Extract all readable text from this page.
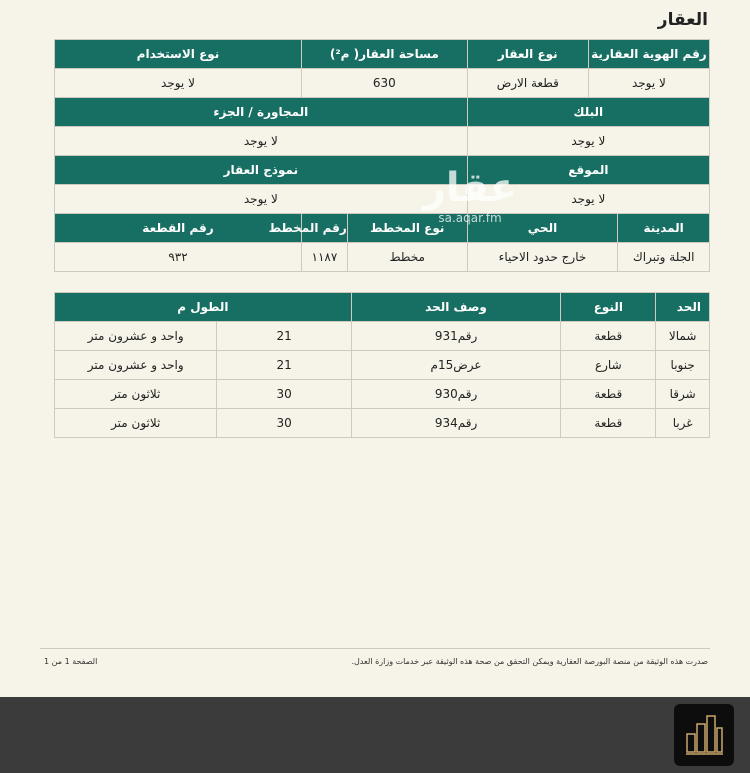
العقار
رقم الهوية العقارية		نوع العقار	مساحة العقار( م²)		نوع الاستخدام
لا يوجد		قطعة الارض	630		لا يوجد
البلك			المجاورة / الجزء		
لا يوجد			لا يوجد		
الموقع			نموذج العقار		
لا يوجد			لا يوجد		
المدينة	الحي		نوع المخطط	رقم المخطط	رقم القطعة
الجلة وتبراك	خارج حدود الاحياء		مخطط	١١٨٧	٩٣٢
الحد	النوع	وصف الحد	الطول م	
شمالا	قطعة	رقم931	21	واحد و عشرون متر
جنوبا	شارع	عرض15م	21	واحد و عشرون متر
شرقا	قطعة	رقم930	30	ثلاثون متر
غربا	قطعة	رقم934	30	ثلاثون متر
عقار
sa.aqar.fm
صدرت هذه الوثيقة من منصة البورصة العقارية ويمكن التحقق من صحة هذه الوثيقة عبر خدمات وزارة العدل.
الصفحة 1 من 1
